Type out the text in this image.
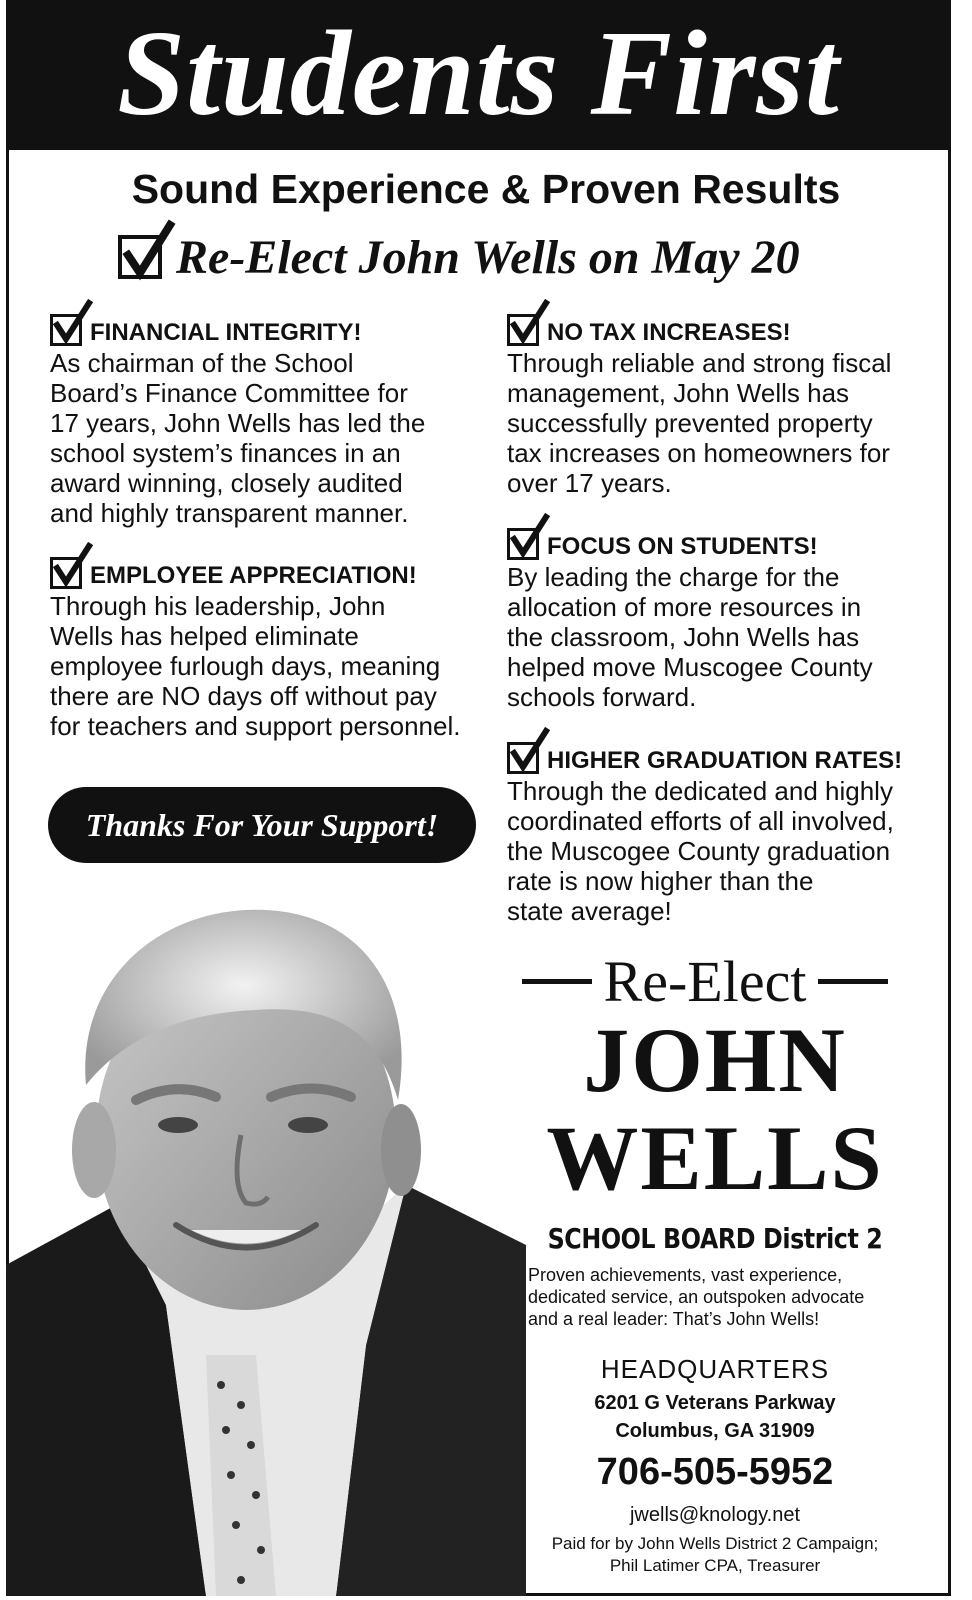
Students First
Sound Experience & Proven Results
Re-Elect John Wells on May 20
FINANCIAL INTEGRITY!
As chairman of the School
Board’s Finance Committee for
17 years, John Wells has led the
school system’s finances in an
award winning, closely audited
and highly transparent manner.
EMPLOYEE APPRECIATION!
Through his leadership, John
Wells has helped eliminate
employee furlough days, meaning
there are NO days off without pay
for teachers and support personnel.
NO TAX INCREASES!
Through reliable and strong fiscal
management, John Wells has
successfully prevented property
tax increases on homeowners for
over 17 years.
FOCUS ON STUDENTS!
By leading the charge for the
allocation of more resources in
the classroom, John Wells has
helped move Muscogee County
schools forward.
HIGHER GRADUATION RATES!
Through the dedicated and highly
coordinated efforts of all involved,
the Muscogee County graduation
rate is now higher than the
state average!
Thanks For Your Support!
Re-Elect
JOHN
WELLS
SCHOOL BOARD District 2
Proven achievements, vast experience,
dedicated service, an outspoken advocate
and a real leader: That’s John Wells!
HEADQUARTERS
6201 G Veterans Parkway
Columbus, GA 31909
706-505-5952
jwells@knology.net
Paid for by John Wells District 2 Campaign;
Phil Latimer CPA, Treasurer
